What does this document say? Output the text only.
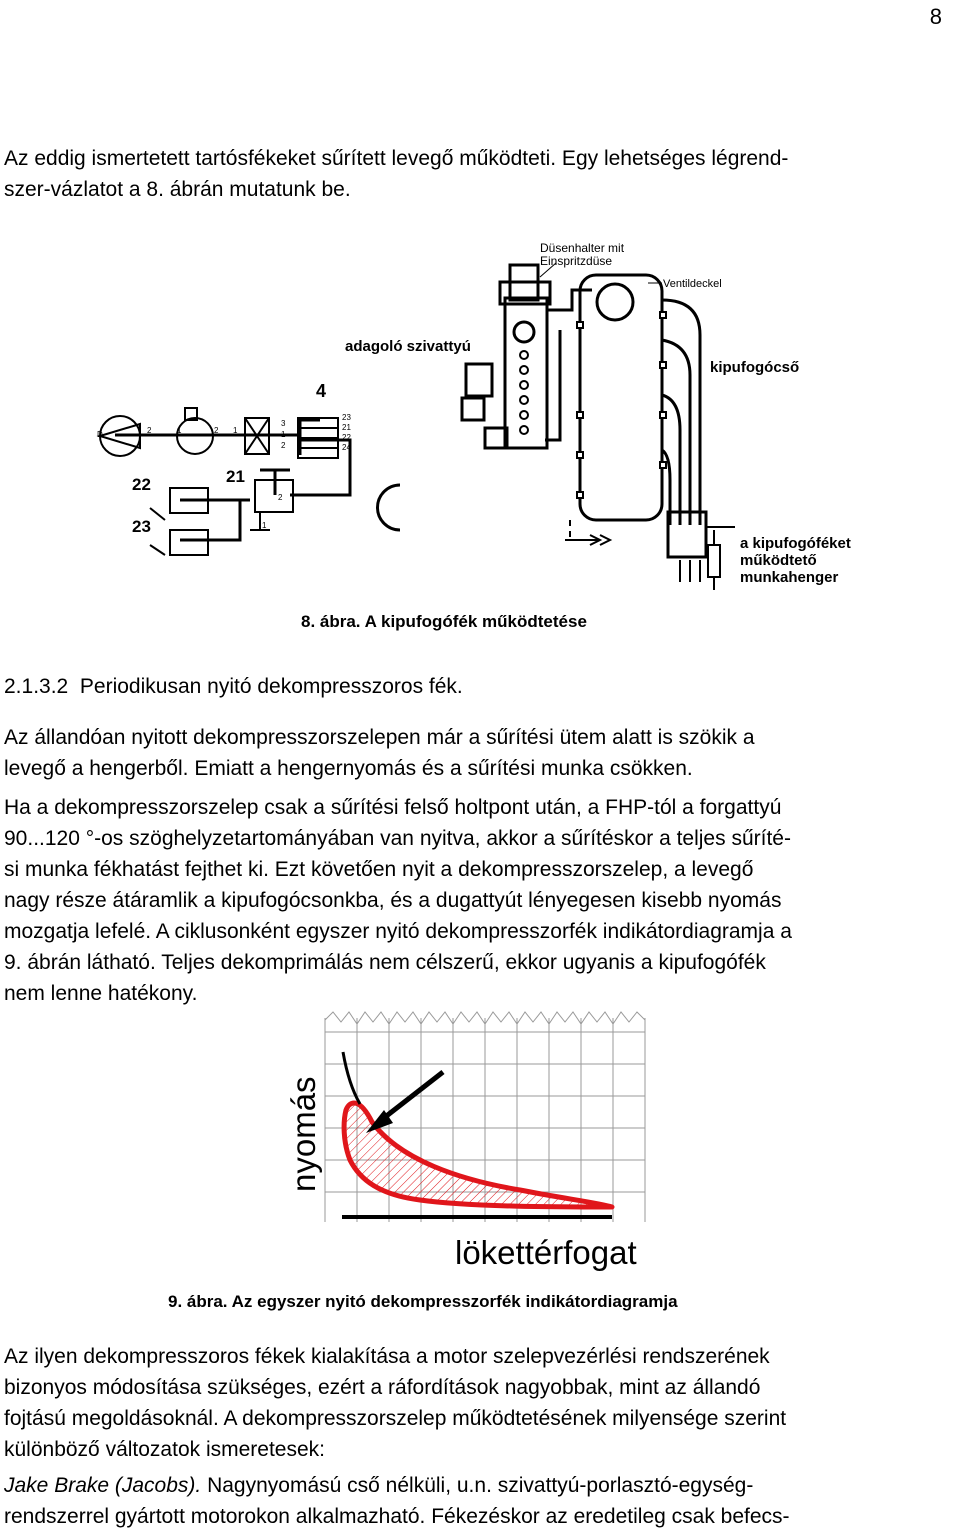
8
Az eddig ismertetett tartósfékeket sűrített levegő működteti. Egy lehetséges légrend-
szer-vázlatot a 8. ábrán mutatunk be.
Düsenhalter mit
Einspritzdüse
Ventildeckel
adagoló szivattyú
kipufogócső
4
21
22
23
a kipufogóféket
működtető
munkahenger
D	2	1	2 1
3
1
2
23
21
22
24
2
1
8. ábra. A kipufogófék működtetése
2.1.3.2 Periodikusan nyitó dekompresszoros fék.
Az állandóan nyitott dekompresszorszelepen már a sűrítési ütem alatt is szökik a
levegő a hengerből. Emiatt a hengernyomás és a sűrítési munka csökken.
Ha a dekompresszorszelep csak a sűrítési felső holtpont után, a FHP-tól a forgattyú
90...120 °-os szöghelyzetartományában van nyitva, akkor a sűrítéskor a teljes sűríté-
si munka fékhatást fejthet ki. Ezt követően nyit a dekompresszorszelep, a levegő
nagy része átáramlik a kipufogócsonkba, és a dugattyút lényegesen kisebb nyomás
mozgatja lefelé. A ciklusonként egyszer nyitó dekompresszorfék indikátordiagramja a
9. ábrán látható. Teljes dekomprimálás nem célszerű, ekkor ugyanis a kipufogófék
nem lenne hatékony.
nyomás
lökettérfogat
9. ábra. Az egyszer nyitó dekompresszorfék indikátordiagramja
Az ilyen dekompresszoros fékek kialakítása a motor szelepvezérlési rendszerének
bizonyos módosítása szükséges, ezért a ráfordítások nagyobbak, mint az állandó
fojtású megoldásoknál. A dekompresszorszelep működtetésének milyensége szerint
különböző változatok ismeretesek:
Jake Brake (Jacobs). Nagynyomású cső nélküli, u.n. szivattyú-porlasztó-egység-
rendszerrel gyártott motorokon alkalmazható. Fékezéskor az eredetileg csak befecs-
